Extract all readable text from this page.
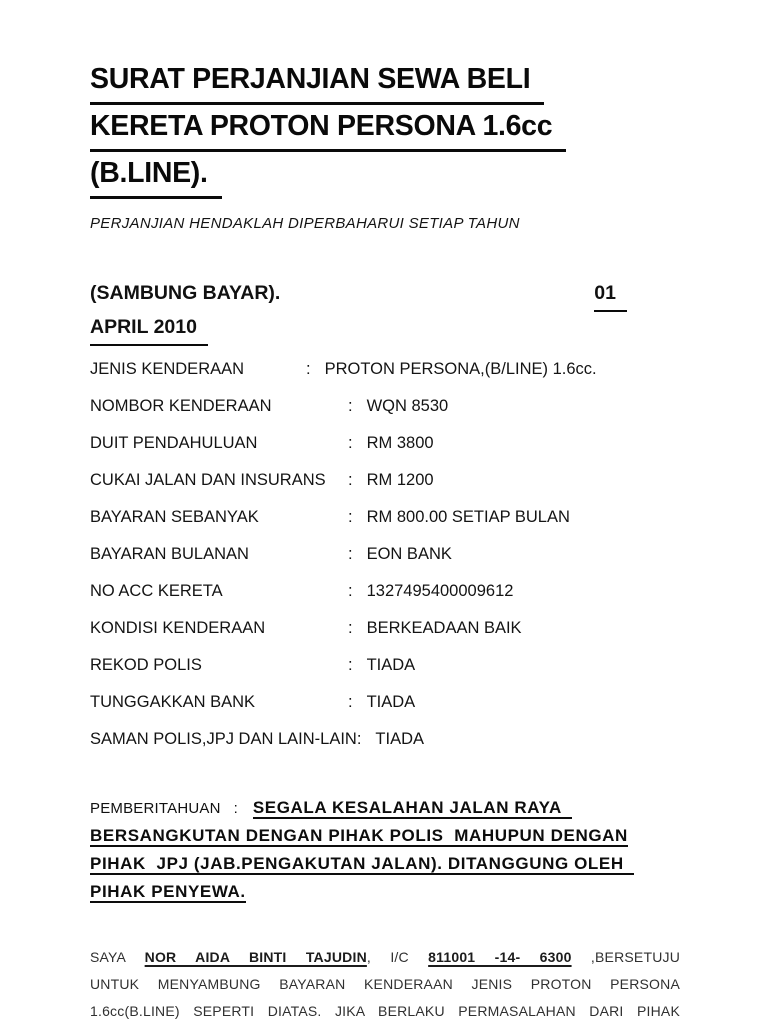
SURAT PERJANJIAN SEWA BELI
KERETA PROTON PERSONA 1.6cc
(B.LINE).
PERJANJIAN HENDAKLAH DIPERBAHARUI SETIAP TAHUN
(SAMBUNG BAYAR).	01
APRIL 2010
JENIS KENDERAAN	: PROTON PERSONA,(B/LINE) 1.6cc.
NOMBOR KENDERAAN	: WQN 8530
DUIT PENDAHULUAN	: RM 3800
CUKAI JALAN DAN INSURANS	: RM 1200
BAYARAN SEBANYAK	: RM 800.00 SETIAP BULAN
BAYARAN BULANAN	: EON BANK
NO ACC KERETA	: 1327495400009612
KONDISI KENDERAAN	: BERKEADAAN BAIK
REKOD POLIS	: TIADA
TUNGGAKKAN BANK	: TIADA
SAMAN POLIS,JPJ DAN LAIN-LAIN : TIADA
PEMBERITAHUAN : SEGALA KESALAHAN JALAN RAYA
BERSANGKUTAN DENGAN PIHAK POLIS  MAHUPUN DENGAN
PIHAK  JPJ (JAB.PENGAKUTAN JALAN). DITANGGUNG OLEH
PIHAK PENYEWA.
SAYA NOR AIDA BINTI TAJUDIN, I/C 811001 -14- 6300 ,BERSETUJU
UNTUK MENYAMBUNG BAYARAN KENDERAAN JENIS PROTON PERSONA
1.6cc(B.LINE) SEPERTI DIATAS. JIKA BERLAKU PERMASALAHAN DARI PIHAK
